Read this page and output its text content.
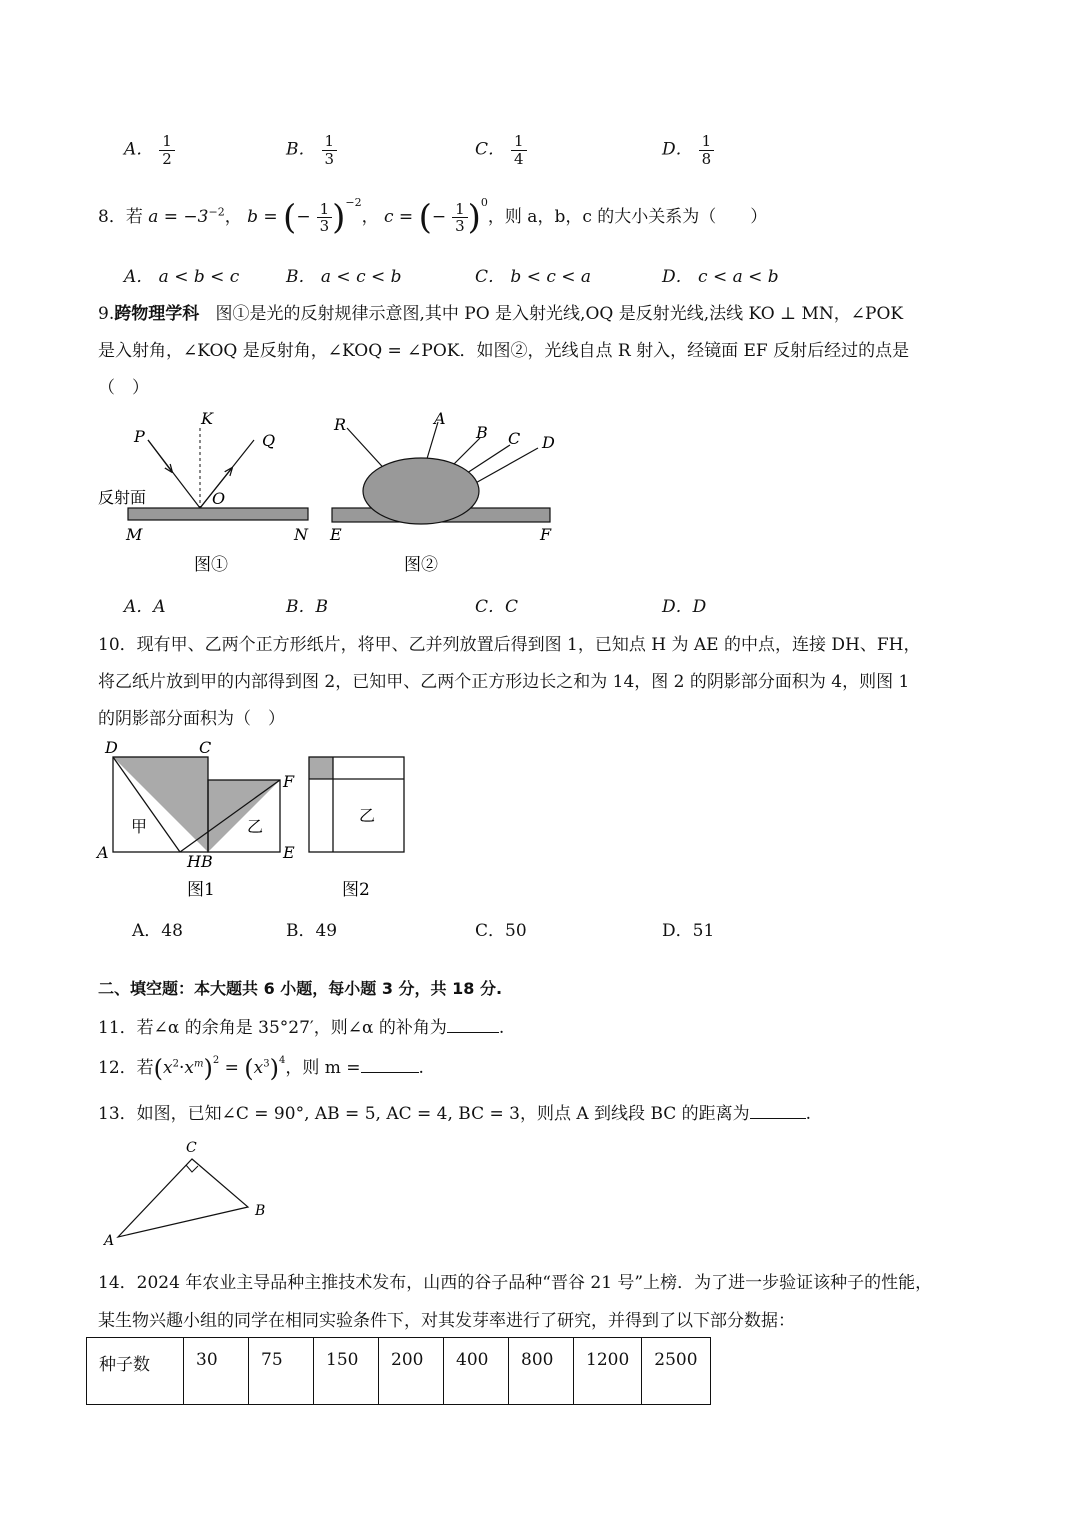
A． $\frac{1}{2}$	B． $\frac{1}{3}$	C． $\frac{1}{4}$	D． $\frac{1}{8}$
8．若 $a = -3^{-2}$， b = (− $\frac{1}{3} )^{-2}$， c = (− $\frac{1}{3} )^0$，则 a，b，c 的大小关系为（　　）
A． a < b < c	B． a < c < b	C． b < c < a	D． c < a < b
9.跨物理学科 图①是光的反射规律示意图,其中 PO 是入射光线,OQ 是反射光线,法线 KO ⊥ MN，∠POK
是入射角，∠KOQ 是反射角，∠KOQ = ∠POK．如图②，光线自点 R 射入，经镜面 EF 反射后经过的点是
（　）
P
K
Q
O
反射面
M	N
图①
R	A
B C D
E	F
图②
A．A	B．B	C．C	D．D
10．现有甲、乙两个正方形纸片，将甲、乙并列放置后得到图 1，已知点 H 为 AE 的中点，连接 DH、FH，
将乙纸片放到甲的内部得到图 2，已知甲、乙两个正方形边长之和为 14，图 2 的阴影部分面积为 4，则图 1
的阴影部分面积为（　）
D	C
F
A	HB	E
甲	乙
图1
乙
图2
A．48	B．49	C．50	D．51
二、填空题：本大题共 6 小题，每小题 3 分，共 18 分.
11．若∠α 的余角是 35°27′，则∠α 的补角为	.
12．若$(x^2\cdot x^m)^2 = (x^3)^4$，则 m =	.
13．如图，已知∠C = 90°, AB = 5, AC = 4, BC = 3，则点 A 到线段 BC 的距离为	.
C
A
B
14．2024 年农业主导品种主推技术发布，山西的谷子品种“晋谷 21 号”上榜．为了进一步验证该种子的性能，
某生物兴趣小组的同学在相同实验条件下，对其发芽率进行了研究，并得到了以下部分数据：
种子数	30	75	150	200	400	800	1200	2500
